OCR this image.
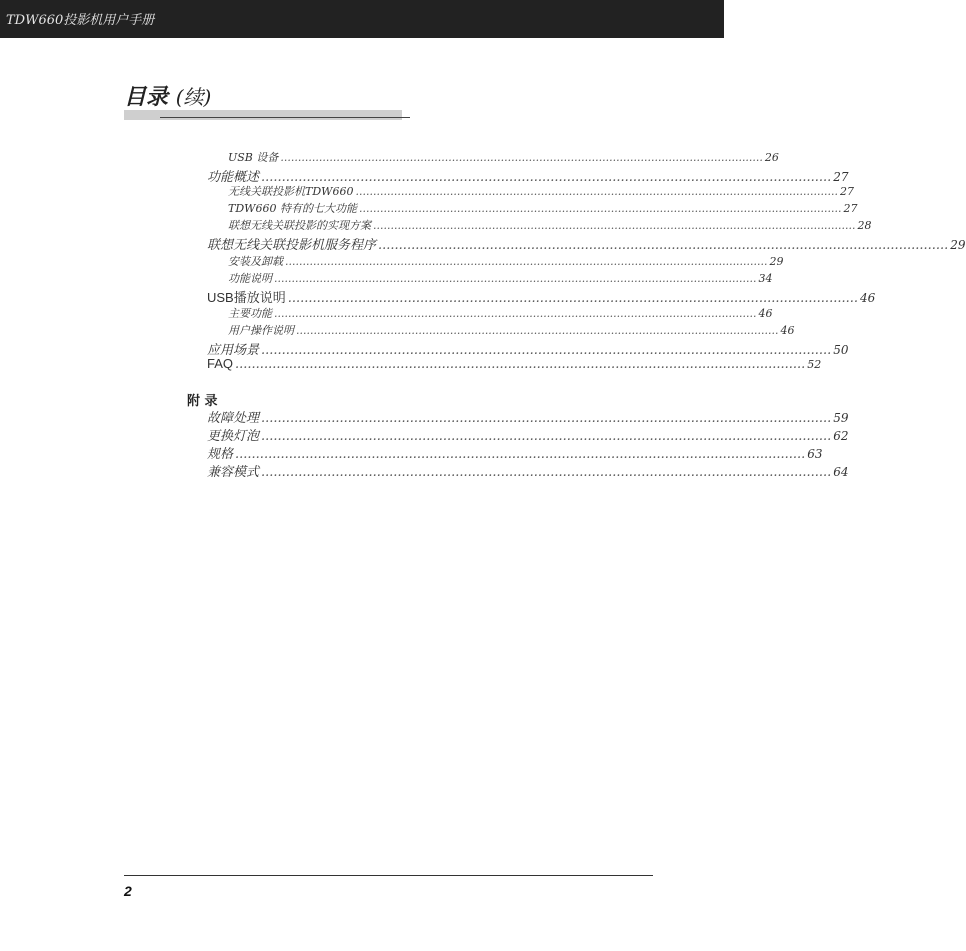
TDW660投影机用户手册
目录 (续)
USB 设备 .......................................................................................................................................... 26
功能概述 .......................................................................................................................................... 27
无线关联投影机TDW660 .......................................................................................................................................... 27
TDW660 特有的七大功能 .......................................................................................................................................... 27
联想无线关联投影的实现方案 .......................................................................................................................................... 28
联想无线关联投影机服务程序 .......................................................................................................................................... 29
安装及卸载 .......................................................................................................................................... 29
功能说明 .......................................................................................................................................... 34
USB播放说明 .......................................................................................................................................... 46
主要功能 .......................................................................................................................................... 46
用户操作说明 .......................................................................................................................................... 46
应用场景 .......................................................................................................................................... 50
FAQ .......................................................................................................................................... 52
附 录
故障处理 .......................................................................................................................................... 59
更换灯泡 .......................................................................................................................................... 62
规格 .......................................................................................................................................... 63
兼容模式 .......................................................................................................................................... 64
2
